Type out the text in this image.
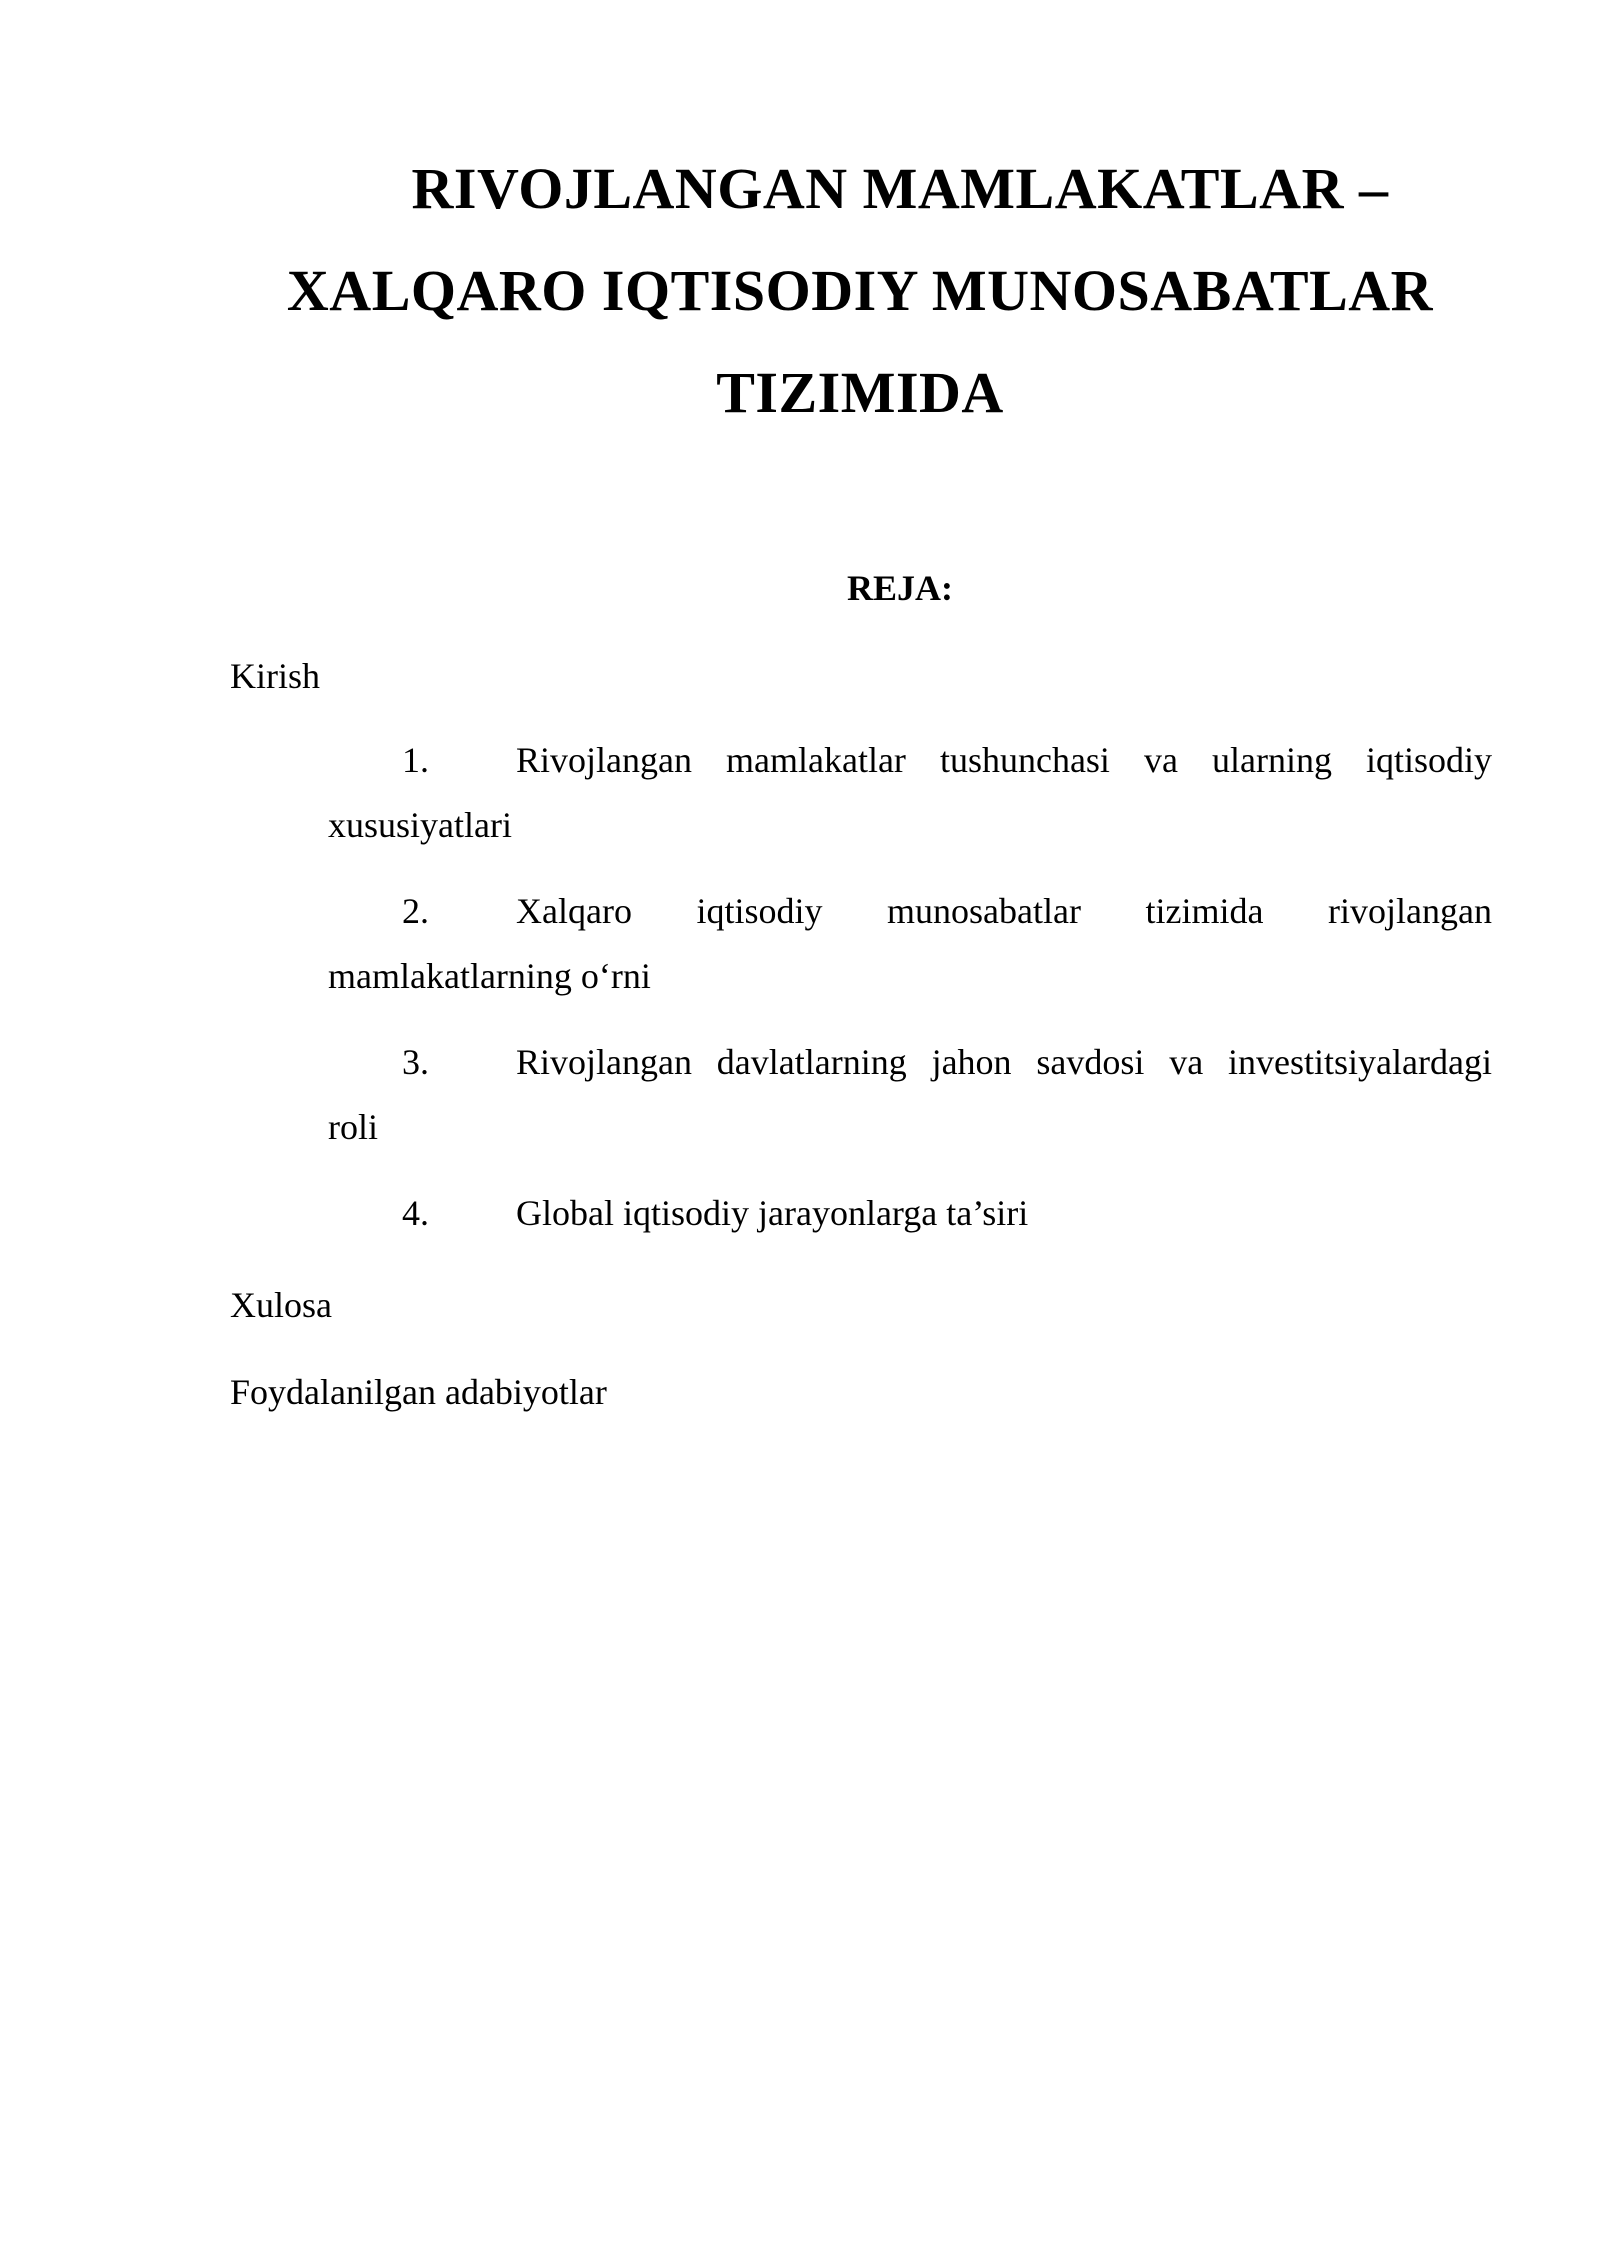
RIVOJLANGAN MAMLAKATLAR –
XALQARO IQTISODIY MUNOSABATLAR
TIZIMIDA
REJA:
Kirish
1.	Rivojlangan mamlakatlar tushunchasi va ularning iqtisodiy
xususiyatlari
2.	Xalqaro iqtisodiy munosabatlar tizimida rivojlangan
mamlakatlarning o‘rni
3.	Rivojlangan davlatlarning jahon savdosi va investitsiyalardagi
roli
4.	Global iqtisodiy jarayonlarga ta’siri
Xulosa
Foydalanilgan adabiyotlar
